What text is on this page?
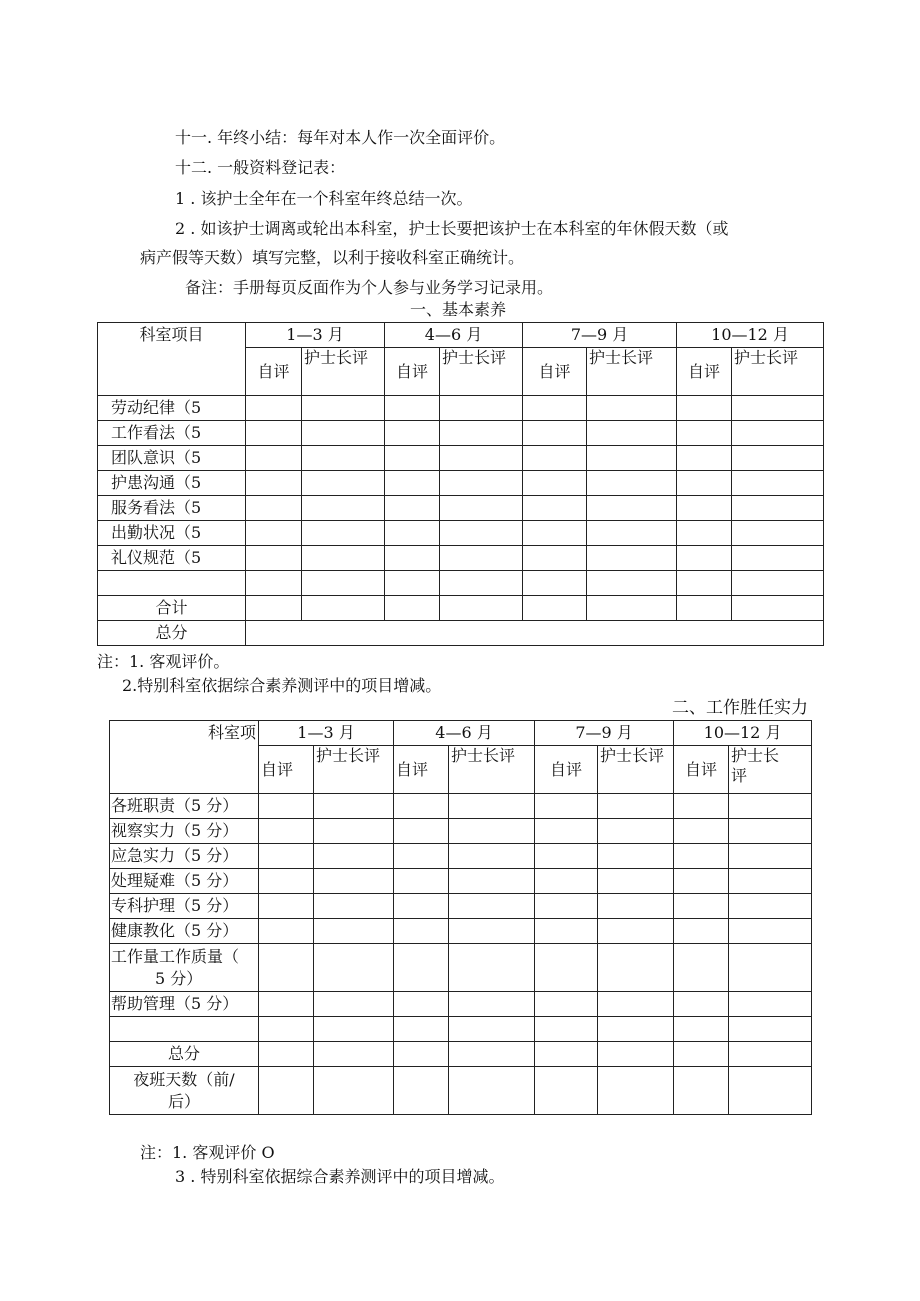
十一. 年终小结：每年对本人作一次全面评价。
十二. 一般资料登记表：
1 . 该护士全年在一个科室年终总结一次。
2 . 如该护士调离或轮出本科室，护士长要把该护士在本科室的年休假天数（或
病产假等天数）填写完整，以利于接收科室正确统计。
备注：手册每页反面作为个人参与业务学习记录用。
一、基本素养
科室项目	1—3 月		4—6 月		7—9 月		10—12 月	

	自评	护士长评	自评	护士长评	自评	护士长评	自评	护士长评

劳动纪律（5								
工作看法（5								
团队意识（5								
护患沟通（5								
服务看法（5								
出勤状况（5								
礼仪规范（5								

合计								
总分								
注：1. 客观评价。
2.特别科室依据综合素养测评中的项目增减。
二、工作胜任实力
科室项	1—3 月		4—6 月		7—9 月		10—12 月	

	自评	护士长评	自评	护士长评	自评	护士长评	自评	护士长
评

各班职责（5 分）								
视察实力（5 分）								
应急实力（5 分）								
处理疑难（5 分）								
专科护理（5 分）								
健康教化（5 分）								

工作量工作质量（
5 分）								

帮助管理（5 分）								

总分								

夜班天数（前/
后）								

注：1. 客观评价 O
3 . 特别科室依据综合素养测评中的项目增减。
